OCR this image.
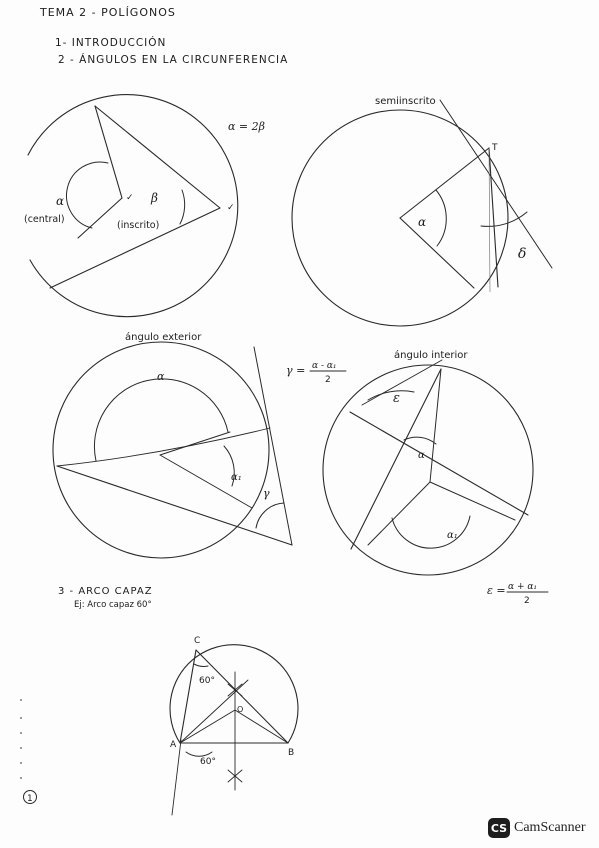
TEMA 2 - POLÍGONOS
1- INTRODUCCIÓN
2 - ÁNGULOS EN LA CIRCUNFERENCIA
✓
✓
α
(central)
β
(inscrito)
α = 2β
semiinscrito
T
α
δ
ángulo exterior
α
α₁
γ
γ = α - α₁
2
ángulo interior
ε
α
α₁
ε = α + α₁
2
3 - ARCO CAPAZ
Ej: Arco capaz 60°
C
A
B
O
60°
60°
1
CS CamScanner
